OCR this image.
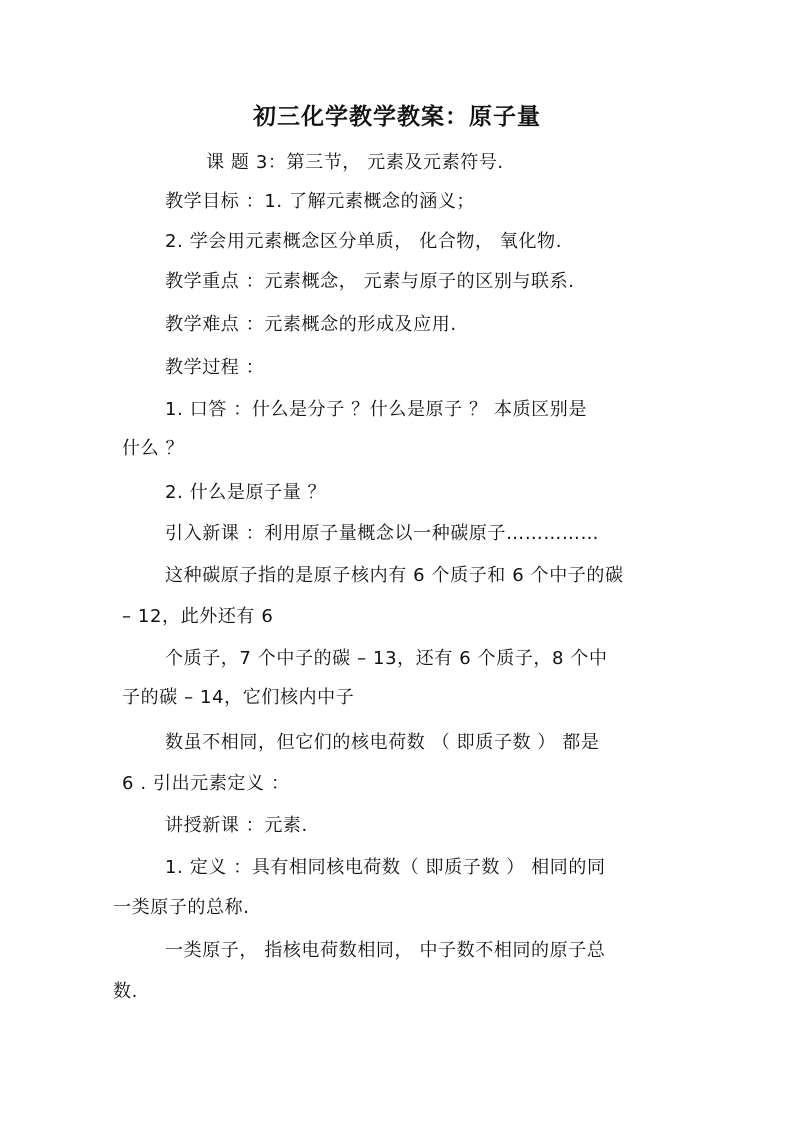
初三化学教学教案：原子量
课 题 3：第三节， 元素及元素符号.
教学目标 ：1. 了解元素概念的涵义；
2. 学会用元素概念区分单质， 化合物， 氧化物.
教学重点 ：元素概念， 元素与原子的区别与联系.
教学难点 ：元素概念的形成及应用.
教学过程 ：
1. 口答 ：什么是分子 ？什么是原子 ？ 本质区别是
什么 ？
2. 什么是原子量 ？
引入新课 ：利用原子量概念以一种碳原子……………
这种碳原子指的是原子核内有 6 个质子和 6 个中子的碳
– 12，此外还有 6
个质子，7 个中子的碳 – 13，还有 6 个质子，8 个中
子的碳 – 14，它们核内中子
数虽不相同，但它们的核电荷数 （ 即质子数 ） 都是
6 . 引出元素定义 ：
讲授新课 ：元素.
1. 定义 ：具有相同核电荷数（ 即质子数 ） 相同的同
一类原子的总称.
一类原子， 指核电荷数相同， 中子数不相同的原子总
数.
